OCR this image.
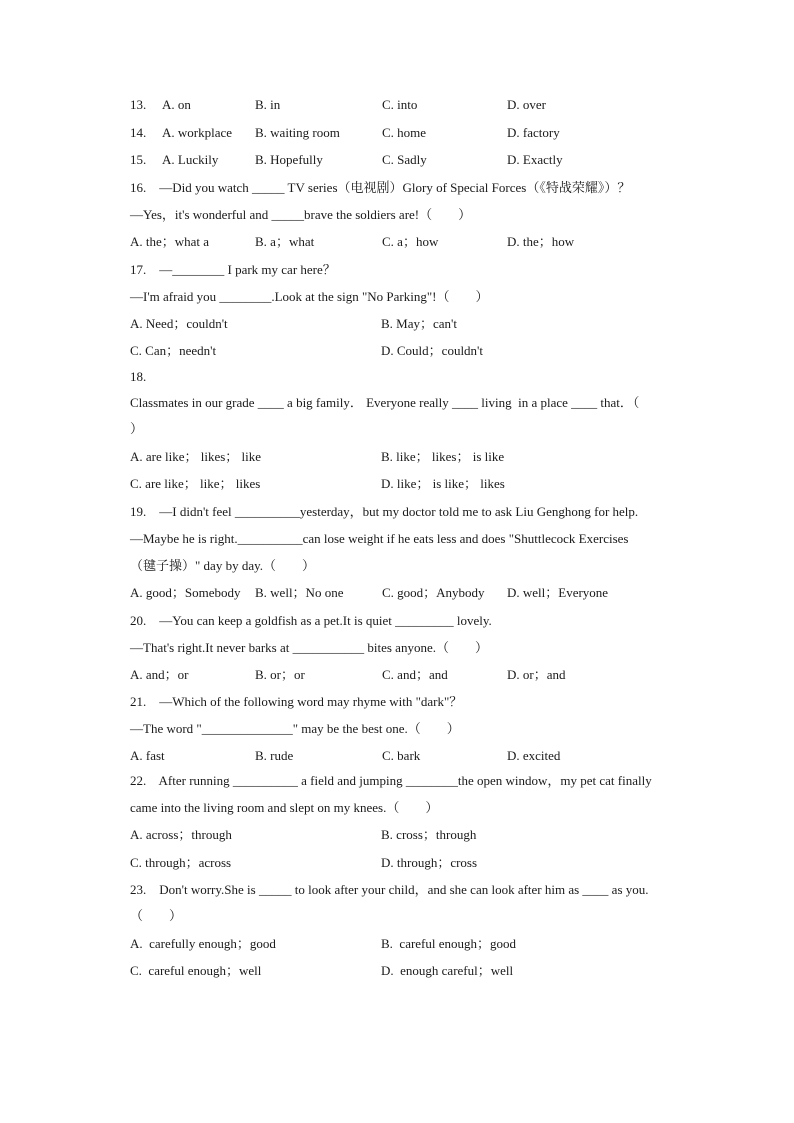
13.

A. on

	B. in

	C. into

	D. over

14.

A. workplace

B. waiting room

	C. home

	D. factory

15.

A. Luckily

	B. Hopefully

	C. Sadly

	D. Exactly

16.    —Did you watch _____ TV series（电视剧）Glory of Special Forces（《特战荣耀》）？
—Yes，it's wonderful and _____brave the soldiers are!（        ）

A. the；what a

	B. a；what

	C. a；how

	D. the；how

17.    —________ I park my car here？
—I'm afraid you ________.Look at the sign "No Parking"!（        ）

A. Need；couldn't

	B. May；can't

C. Can；needn't

	D. Could；couldn't

18.
Classmates in our grade ____ a big family． Everyone really ____ living  in a place ____ that．（
）

A. are like； likes； like

	B. like； likes； is like

C. are like； like； likes

	D. like； is like； likes

19.    —I didn't feel __________yesterday，but my doctor told me to ask Liu Genghong for help.
—Maybe he is right.__________can lose weight if he eats less and does "Shuttlecock Exercises
（毽子操）" day by day.（        ）

A. good；Somebody

B. well；No one

	C. good；Anybody

D. well；Everyone

20.    —You can keep a goldfish as a pet.It is quiet _________ lovely.
—That's right.It never barks at ___________ bites anyone.（        ）

A. and；or

	B. or；or

	C. and；and

	D. or；and

21.    —Which of the following word may rhyme with "dark"？
—The word "______________" may be the best one.（        ）

A. fast

	B. rude

	C. bark

	D. excited

22.    After running __________ a field and jumping ________the open window，my pet cat finally
came into the living room and slept on my knees.（        ）

A. across；through

	B. cross；through

C. through；across

	D. through；cross

23.    Don't worry.She is _____ to look after your child，and she can look after him as ____ as you.
（        ）

A.  carefully enough；good

	B.  careful enough；good

C.  careful enough；well

	D.  enough careful；well
